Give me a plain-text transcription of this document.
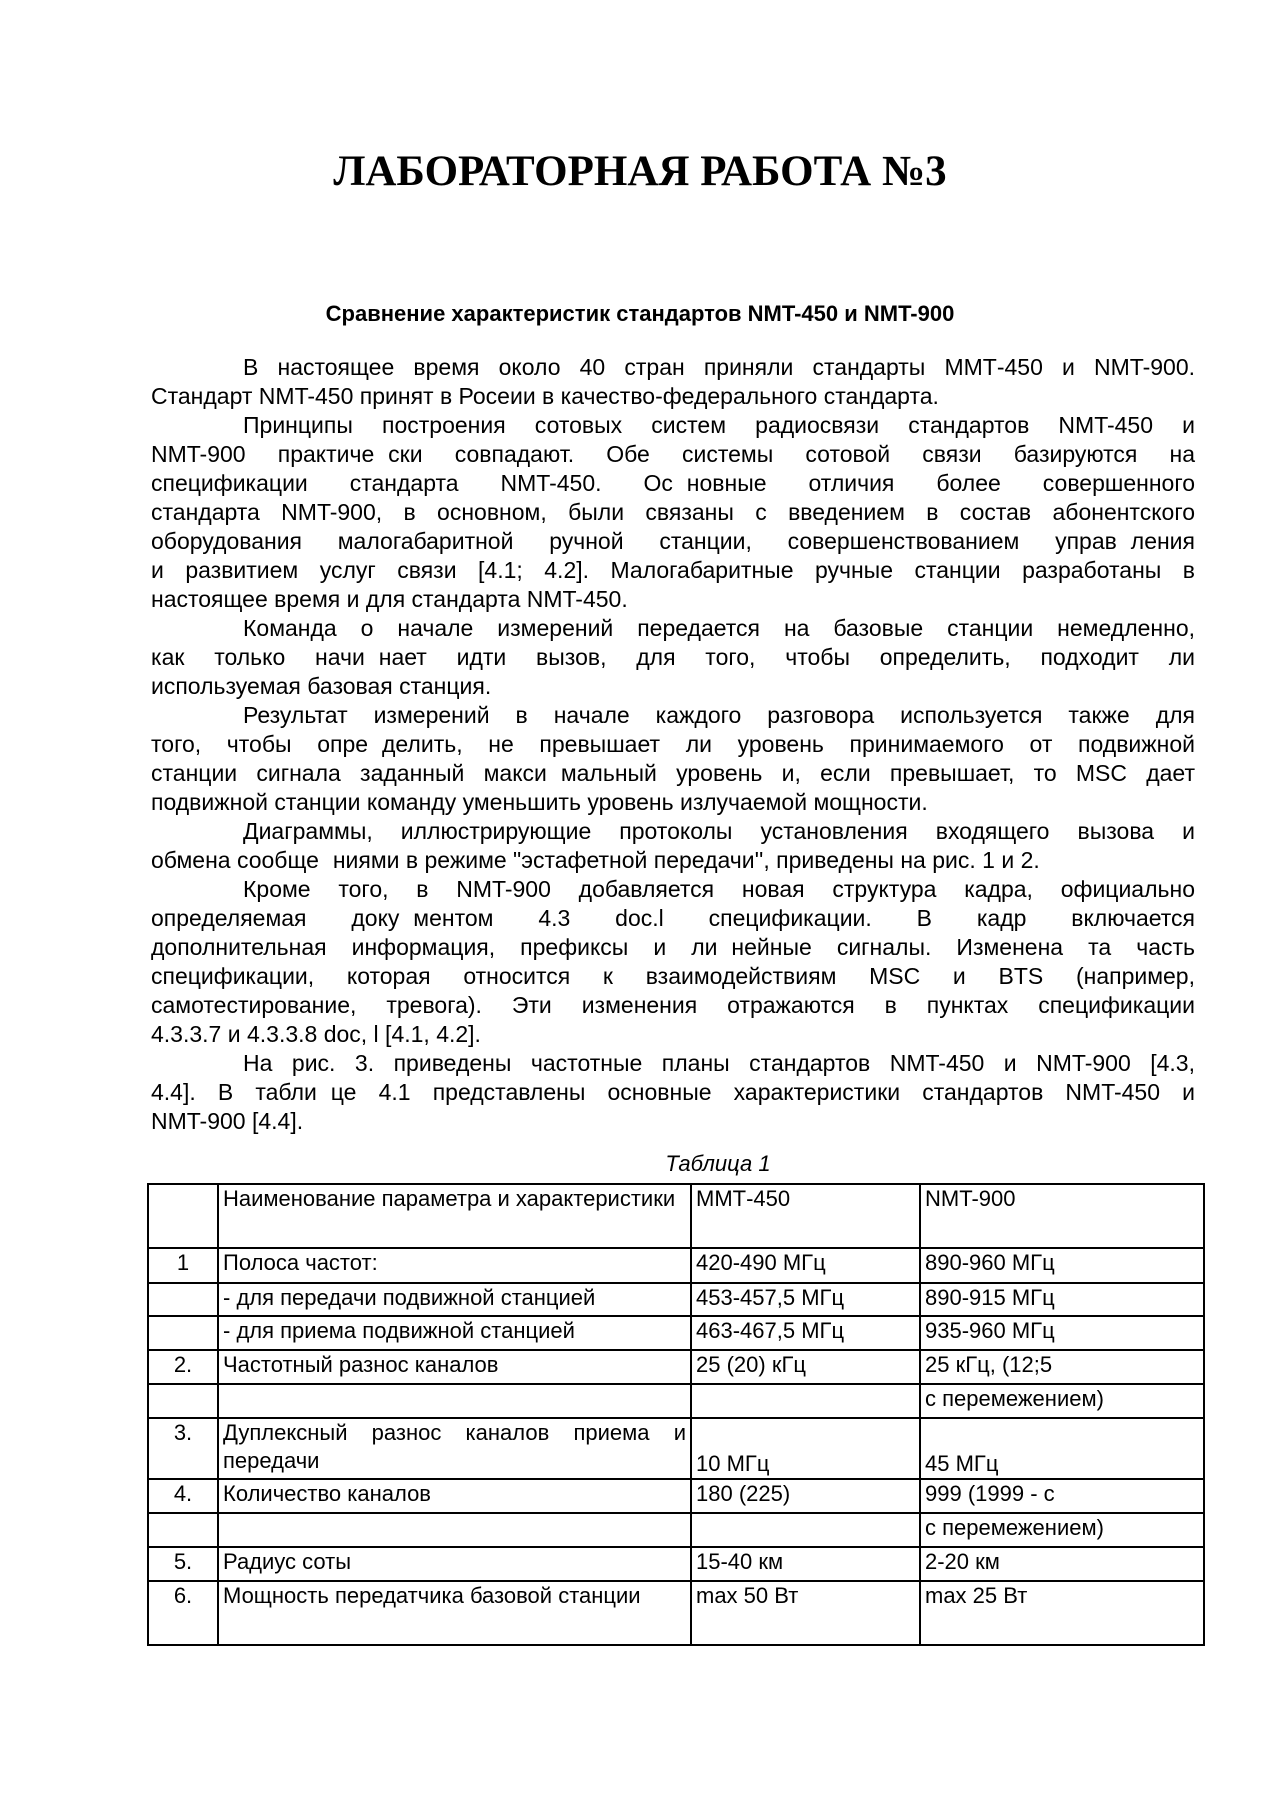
ЛАБОРАТОРНАЯ РАБОТА №3
Сравнение характеристик стандартов NMT-450 и NMT-900
В настоящее время около 40 стран приняли стандарты ММТ-450 и NMT-900.
Стандарт NMT-450 принят в Росеии в качество-федерального стандарта.
Принципы построения сотовых систем радиосвязи стандартов NMT-450 и
NMT-900 практически совпадают. Обе системы сотовой связи базируются на
спецификации стандарта NMT-450. Основные отличия более совершенного
стандарта NMT-900, в основном, были связаны с введением в состав абонентского
оборудования малогабаритной ручной станции, совершенствованием управления
и развитием услуг связи [4.1; 4.2]. Малогабаритные ручные станции разработаны в
настоящее время и для стандарта NMT-450.
Команда о начале измерений передается на базовые станции немедленно,
как только начинает идти вызов, для того, чтобы определить, подходит ли
используемая базовая станция.
Результат измерений в начале каждого разговора используется также для
того, чтобы определить, не превышает ли уровень принимаемого от подвижной
станции сигнала заданный максимальный уровень и, если превышает, то MSC дает
подвижной станции команду уменьшить уровень излучаемой мощности.
Диаграммы, иллюстрирующие протоколы установления входящего вызова и
обмена сообщениями в режиме "эстафетной передачи'', приведены на рис. 1 и 2.
Кроме того, в NMT-900 добавляется новая структура кадра, официально
определяемая документом 4.3 doc.l спецификации. В кадр включается
дополнительная информация, префиксы и линейные сигналы. Изменена та часть
спецификации, которая относится к взаимодействиям MSC и BTS (например,
самотестирование, тревога). Эти изменения отражаются в пунктах спецификации
4.3.3.7 и 4.3.3.8 doc, l [4.1, 4.2].
На рис. 3. приведены частотные планы стандартов NMT-450 и NMT-900 [4.3,
4.4]. В таблице 4.1 представлены основные характеристики стандартов NMT-450 и
NMT-900 [4.4].
Таблица 1
	Наименование параметра и характеристики	ММТ-450	NMT-900
1	Полоса частот:	420-490 МГц	890-960 МГц
	- для передачи подвижной станцией	453-457,5 МГц	890-915 МГц
	- для приема подвижной станцией	463-467,5 МГц	935-960 МГц
2.	Частотный разнос каналов	25 (20) кГц	25 кГц, (12;5
			с перемежением)
3.	Дуплексный разнос каналов приема и передачи	10 МГц	45 МГц
4.	Количество каналов	180 (225)	999 (1999 - с
			с перемежением)
5.	Радиус соты	15-40 км	2-20 км
6.	Мощность передатчика базовой станции	max 50 Вт	max 25 Вт
